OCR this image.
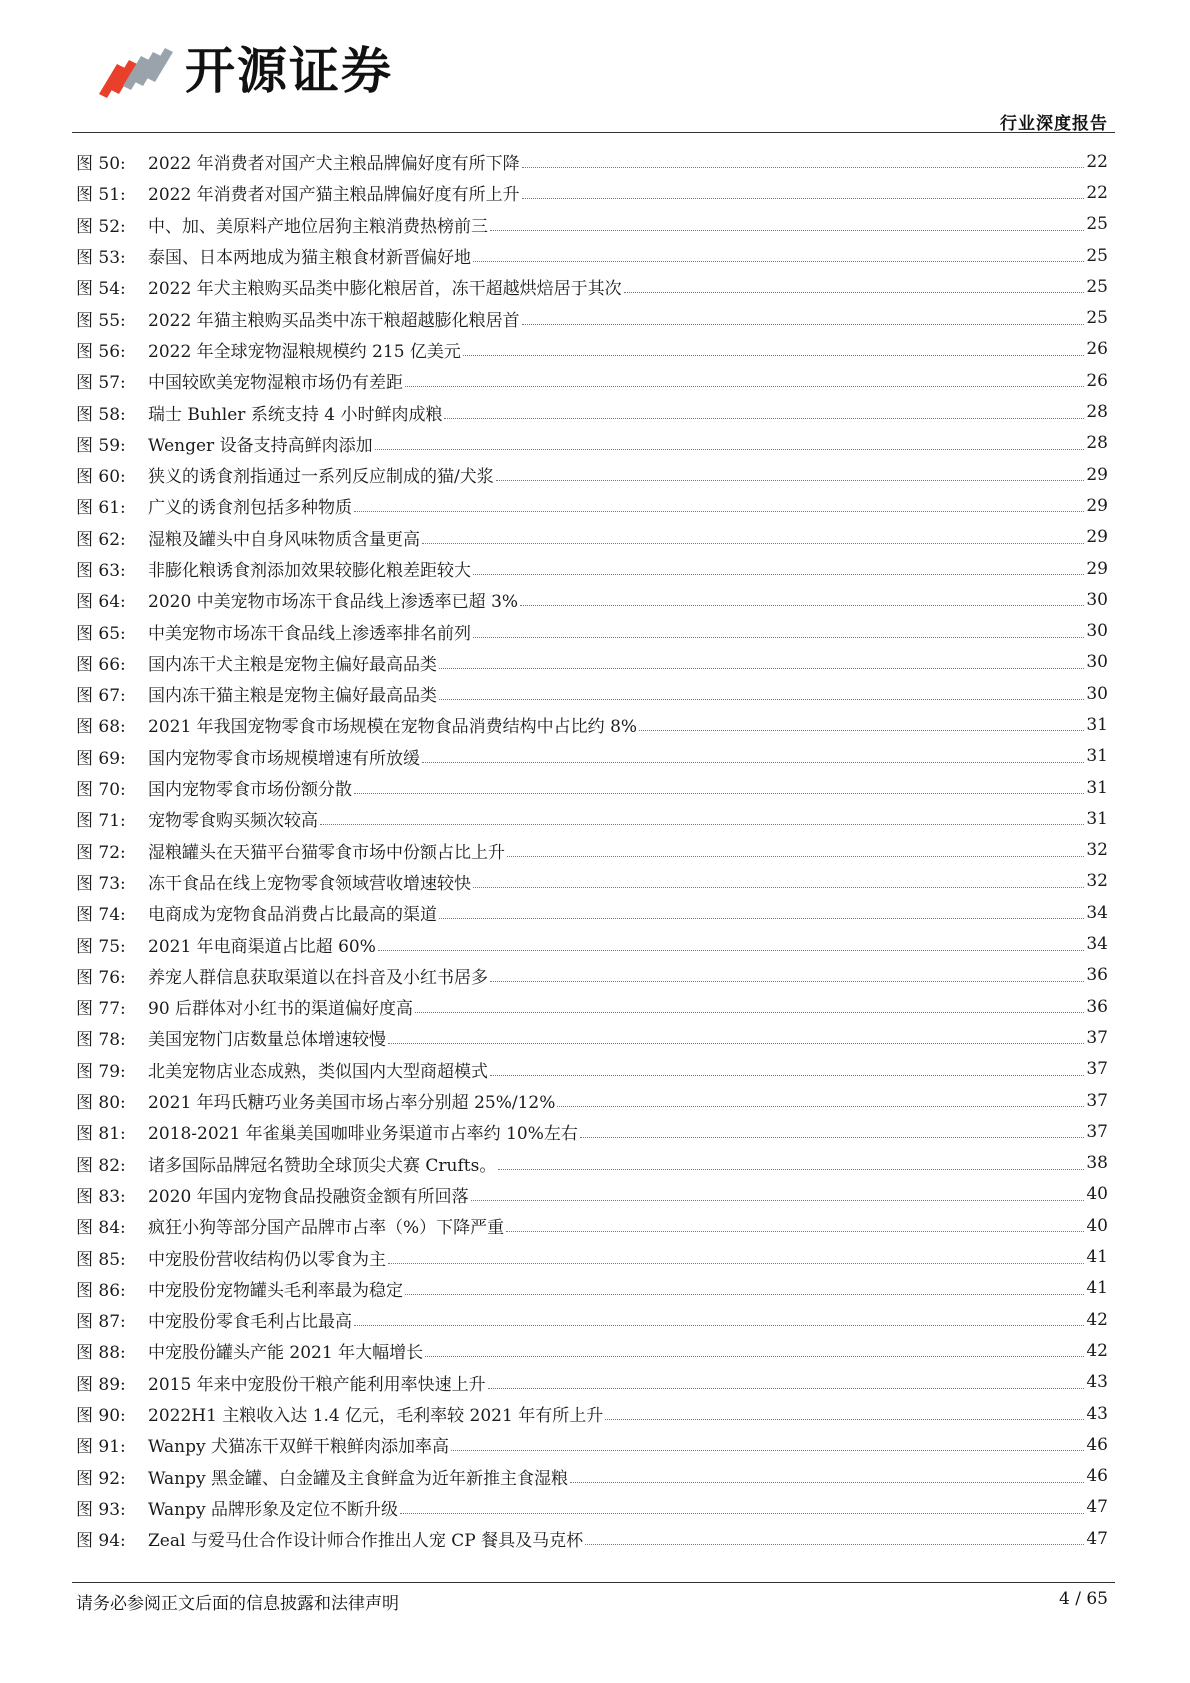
开源证券
行业深度报告
图 50:	2022 年消费者对国产犬主粮品牌偏好度有所下降	22
图 51:	2022 年消费者对国产猫主粮品牌偏好度有所上升	22
图 52:	中、加、美原料产地位居狗主粮消费热榜前三	25
图 53:	泰国、日本两地成为猫主粮食材新晋偏好地	25
图 54:	2022 年犬主粮购买品类中膨化粮居首，冻干超越烘焙居于其次	25
图 55:	2022 年猫主粮购买品类中冻干粮超越膨化粮居首	25
图 56:	2022 年全球宠物湿粮规模约 215 亿美元	26
图 57:	中国较欧美宠物湿粮市场仍有差距	26
图 58:	瑞士 Buhler 系统支持 4 小时鲜肉成粮	28
图 59:	Wenger 设备支持高鲜肉添加	28
图 60:	狭义的诱食剂指通过一系列反应制成的猫/犬浆	29
图 61:	广义的诱食剂包括多种物质	29
图 62:	湿粮及罐头中自身风味物质含量更高	29
图 63:	非膨化粮诱食剂添加效果较膨化粮差距较大	29
图 64:	2020 中美宠物市场冻干食品线上渗透率已超 3%	30
图 65:	中美宠物市场冻干食品线上渗透率排名前列	30
图 66:	国内冻干犬主粮是宠物主偏好最高品类	30
图 67:	国内冻干猫主粮是宠物主偏好最高品类	30
图 68:	2021 年我国宠物零食市场规模在宠物食品消费结构中占比约 8%	31
图 69:	国内宠物零食市场规模增速有所放缓	31
图 70:	国内宠物零食市场份额分散	31
图 71:	宠物零食购买频次较高	31
图 72:	湿粮罐头在天猫平台猫零食市场中份额占比上升	32
图 73:	冻干食品在线上宠物零食领域营收增速较快	32
图 74:	电商成为宠物食品消费占比最高的渠道	34
图 75:	2021 年电商渠道占比超 60%	34
图 76:	养宠人群信息获取渠道以在抖音及小红书居多	36
图 77:	90 后群体对小红书的渠道偏好度高	36
图 78:	美国宠物门店数量总体增速较慢	37
图 79:	北美宠物店业态成熟，类似国内大型商超模式	37
图 80:	2021 年玛氏糖巧业务美国市场占率分别超 25%/12%	37
图 81:	2018-2021 年雀巢美国咖啡业务渠道市占率约 10%左右	37
图 82:	诸多国际品牌冠名赞助全球顶尖犬赛 Crufts。	38
图 83:	2020 年国内宠物食品投融资金额有所回落	40
图 84:	疯狂小狗等部分国产品牌市占率（%）下降严重	40
图 85:	中宠股份营收结构仍以零食为主	41
图 86:	中宠股份宠物罐头毛利率最为稳定	41
图 87:	中宠股份零食毛利占比最高	42
图 88:	中宠股份罐头产能 2021 年大幅增长	42
图 89:	2015 年来中宠股份干粮产能利用率快速上升	43
图 90:	2022H1 主粮收入达 1.4 亿元，毛利率较 2021 年有所上升	43
图 91:	Wanpy 犬猫冻干双鲜干粮鲜肉添加率高	46
图 92:	Wanpy 黑金罐、白金罐及主食鲜盒为近年新推主食湿粮	46
图 93:	Wanpy 品牌形象及定位不断升级	47
图 94:	Zeal 与爱马仕合作设计师合作推出人宠 CP 餐具及马克杯	47
请务必参阅正文后面的信息披露和法律声明	4 / 65
